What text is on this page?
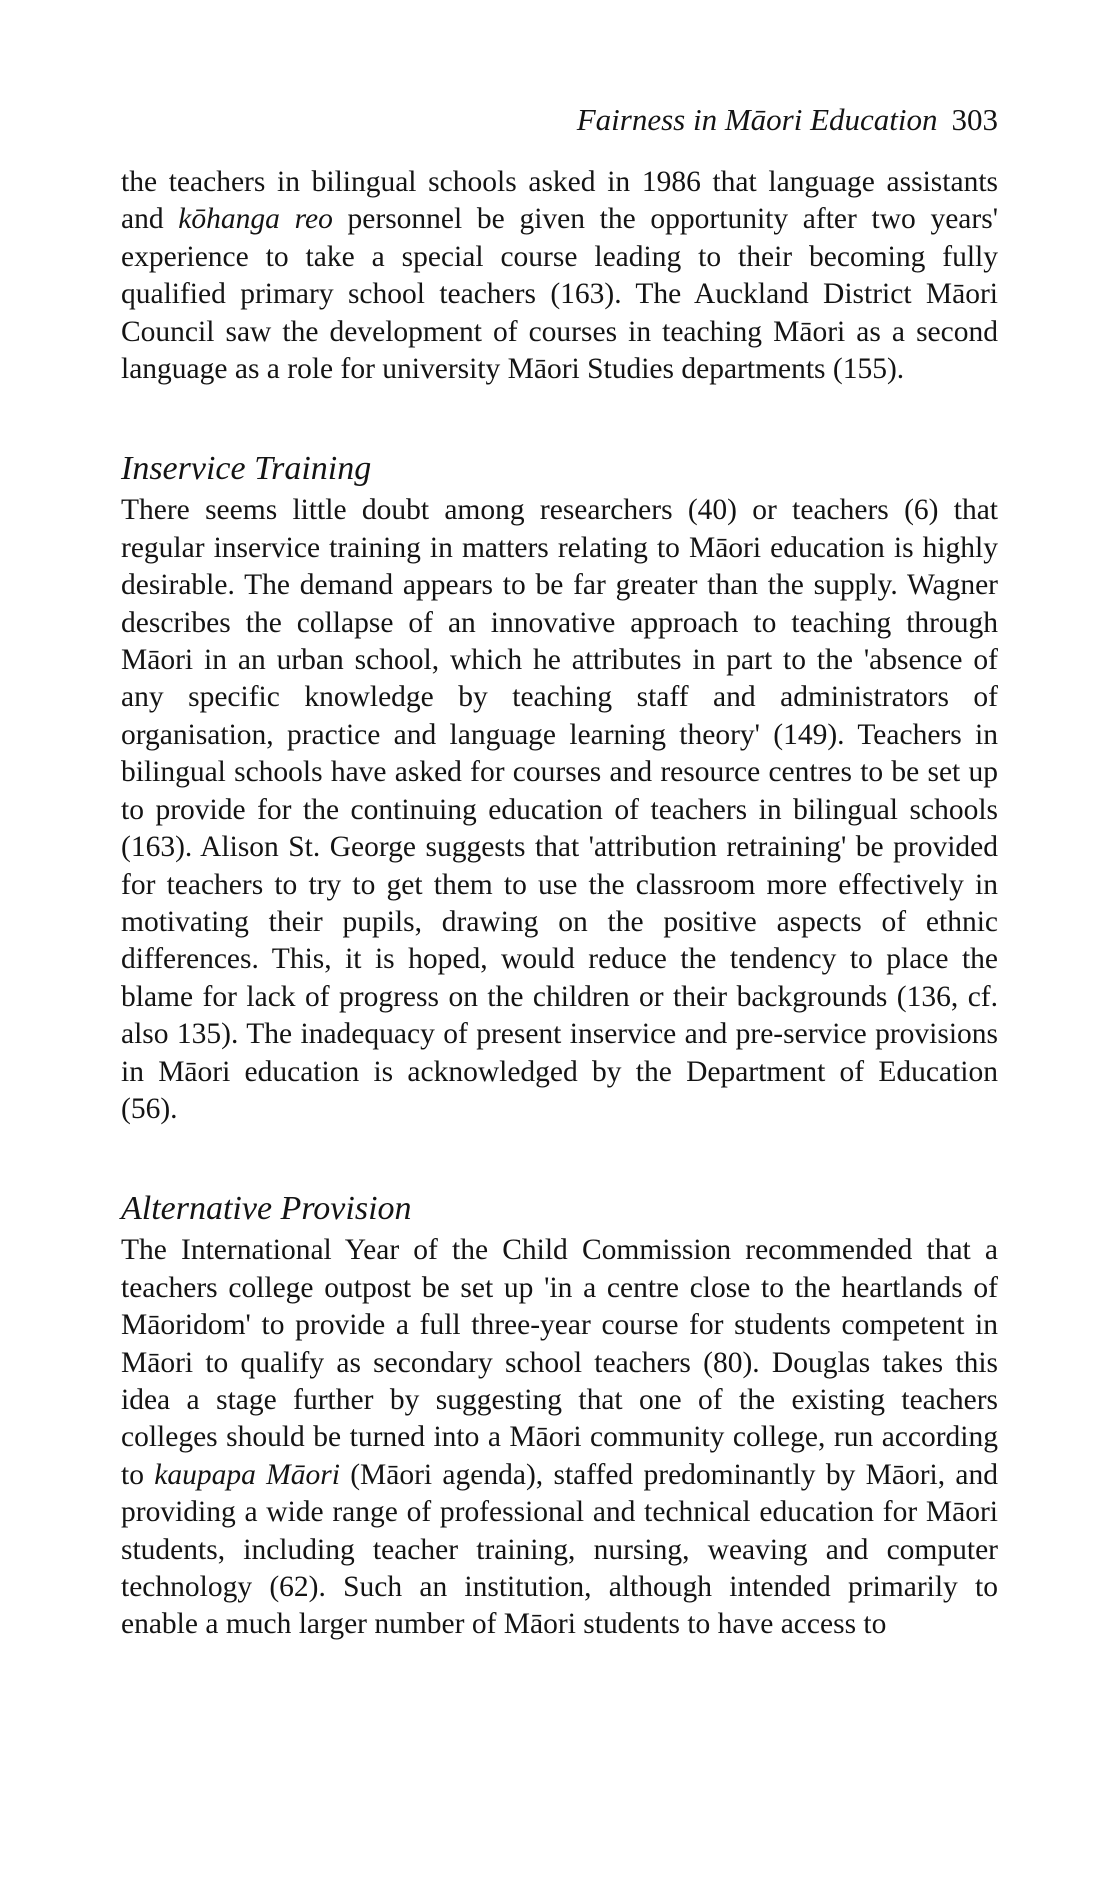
Fairness in Māori Education 303

the teachers in bilingual schools asked in 1986 that language assistants and kōhanga reo personnel be given the opportunity after two years' experience to take a special course leading to their becoming fully qualified primary school teachers (163). The Auckland District Māori Council saw the development of courses in teaching Māori as a second language as a role for university Māori Studies departments (155).

Inservice Training

There seems little doubt among researchers (40) or teachers (6) that regular inservice training in matters relating to Māori education is highly desirable. The demand appears to be far greater than the supply. Wagner describes the collapse of an innovative approach to teaching through Māori in an urban school, which he attributes in part to the 'absence of any specific knowledge by teaching staff and administrators of organisation, practice and language learning theory' (149). Teachers in bilingual schools have asked for courses and resource centres to be set up to provide for the continuing education of teachers in bilingual schools (163). Alison St. George suggests that 'attribution retraining' be provided for teachers to try to get them to use the classroom more effectively in motivating their pupils, drawing on the positive aspects of ethnic differences. This, it is hoped, would reduce the tendency to place the blame for lack of progress on the children or their backgrounds (136, cf. also 135). The inadequacy of present inservice and pre-service provisions in Māori education is acknowledged by the Department of Education (56).

Alternative Provision

The International Year of the Child Commission recommended that a teachers college outpost be set up 'in a centre close to the heartlands of Māoridom' to provide a full three-year course for students competent in Māori to qualify as secondary school teachers (80). Douglas takes this idea a stage further by suggesting that one of the existing teachers colleges should be turned into a Māori community college, run according to kaupapa Māori (Māori agenda), staffed predominantly by Māori, and providing a wide range of professional and technical education for Māori students, including teacher training, nursing, weaving and computer technology (62). Such an institution, although intended primarily to enable a much larger number of Māori students to have access to
